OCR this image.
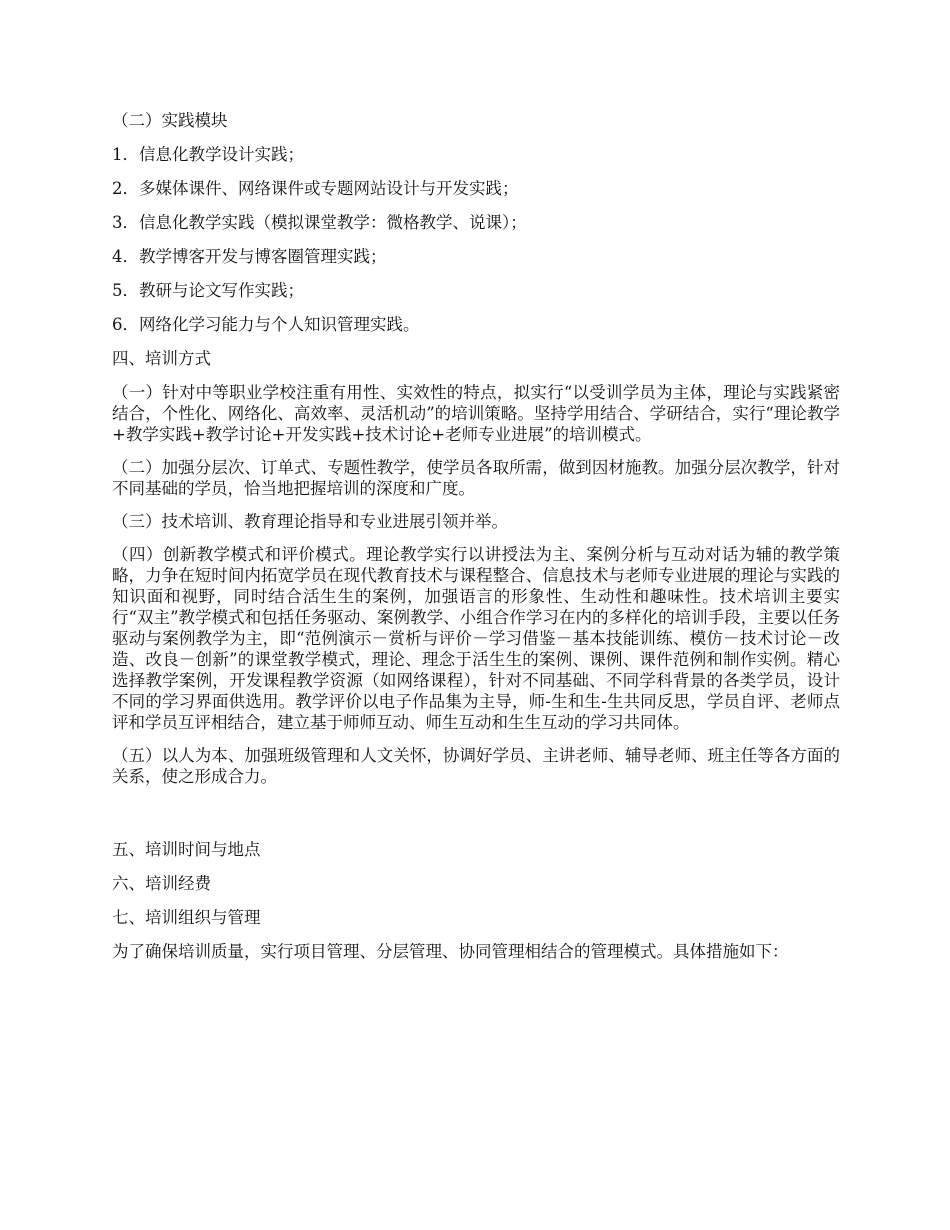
（二）实践模块

1．信息化教学设计实践；

2．多媒体课件、网络课件或专题网站设计与开发实践；

3．信息化教学实践（模拟课堂教学：微格教学、说课）；

4．教学博客开发与博客圈管理实践；

5．教研与论文写作实践；

6．网络化学习能力与个人知识管理实践。

四、培训方式

（一）针对中等职业学校注重有用性、实效性的特点，拟实行“以受训学员为主体，理论与实践紧密结合，个性化、网络化、高效率、灵活机动”的培训策略。坚持学用结合、学研结合，实行“理论教学+教学实践+教学讨论+开发实践+技术讨论+老师专业进展”的培训模式。

（二）加强分层次、订单式、专题性教学，使学员各取所需，做到因材施教。加强分层次教学，针对不同基础的学员，恰当地把握培训的深度和广度。

（三）技术培训、教育理论指导和专业进展引领并举。

（四）创新教学模式和评价模式。理论教学实行以讲授法为主、案例分析与互动对话为辅的教学策略，力争在短时间内拓宽学员在现代教育技术与课程整合、信息技术与老师专业进展的理论与实践的知识面和视野，同时结合活生生的案例，加强语言的形象性、生动性和趣味性。技术培训主要实行“双主”教学模式和包括任务驱动、案例教学、小组合作学习在内的多样化的培训手段，主要以任务驱动与案例教学为主，即“范例演示－赏析与评价－学习借鉴－基本技能训练、模仿－技术讨论－改造、改良－创新”的课堂教学模式，理论、理念于活生生的案例、课例、课件范例和制作实例。精心选择教学案例，开发课程教学资源（如网络课程），针对不同基础、不同学科背景的各类学员，设计不同的学习界面供选用。教学评价以电子作品集为主导，师-生和生-生共同反思，学员自评、老师点评和学员互评相结合，建立基于师师互动、师生互动和生生互动的学习共同体。

（五）以人为本、加强班级管理和人文关怀，协调好学员、主讲老师、辅导老师、班主任等各方面的关系，使之形成合力。

五、培训时间与地点

六、培训经费

七、培训组织与管理

为了确保培训质量，实行项目管理、分层管理、协同管理相结合的管理模式。具体措施如下：
